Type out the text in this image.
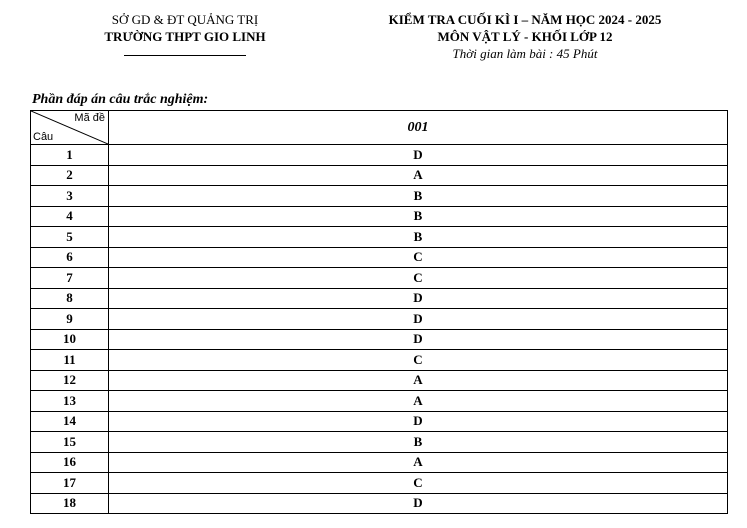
SỞ GD & ĐT QUẢNG TRỊ
TRƯỜNG THPT GIO LINH
KIỂM TRA CUỐI KÌ I – NĂM HỌC 2024 - 2025
MÔN VẬT LÝ - KHỐI LỚP 12
Thời gian làm bài : 45 Phút
Phần đáp án câu trắc nghiệm:
Mã đề
Câu	001
1	D
2	A
3	B
4	B
5	B
6	C
7	C
8	D
9	D
10	D
11	C
12	A
13	A
14	D
15	B
16	A
17	C
18	D
